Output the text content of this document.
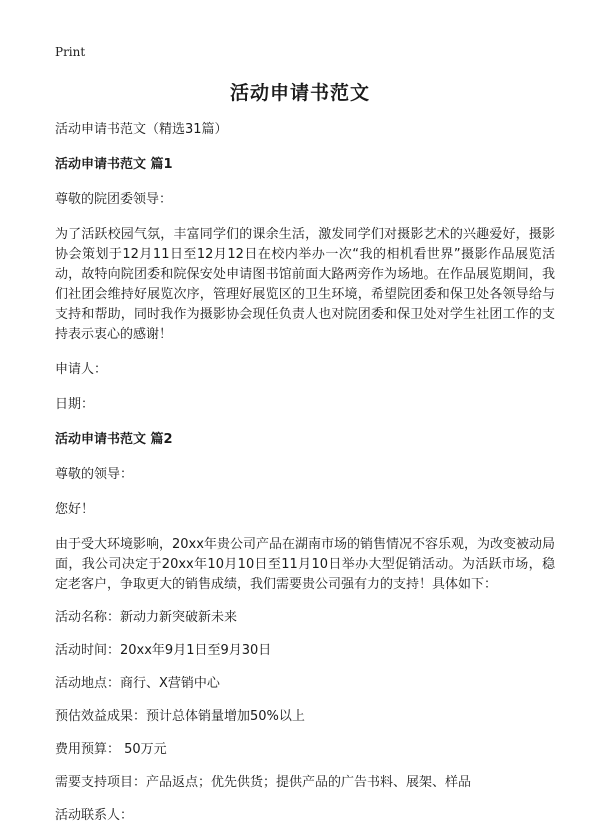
Print
活动申请书范文

活动申请书范文（精选31篇）

活动申请书范文 篇1

尊敬的院团委领导：

为了活跃校园气氛，丰富同学们的课余生活，激发同学们对摄影艺术的兴趣爱好，摄影协会策划于12月11日至12月12日在校内举办一次“我的相机看世界”摄影作品展览活动，故特向院团委和院保安处申请图书馆前面大路两旁作为场地。在作品展览期间，我们社团会维持好展览次序，管理好展览区的卫生环境，希望院团委和保卫处各领导给与支持和帮助，同时我作为摄影协会现任负责人也对院团委和保卫处对学生社团工作的支持表示衷心的感谢！

申请人：

日期：

活动申请书范文 篇2

尊敬的领导：

您好！

由于受大环境影响，20xx年贵公司产品在湖南市场的销售情况不容乐观，为改变被动局面，我公司决定于20xx年10月10日至11月10日举办大型促销活动。为活跃市场，稳定老客户，争取更大的销售成绩，我们需要贵公司强有力的支持！具体如下：

活动名称：新动力新突破新未来
活动时间：20xx年9月1日至9月30日
活动地点：商行、X营销中心
预估效益成果：预计总体销量增加50%以上
费用预算： 50万元
需要支持项目：产品返点；优先供货；提供产品的广告书料、展架、样品
活动联系人：
